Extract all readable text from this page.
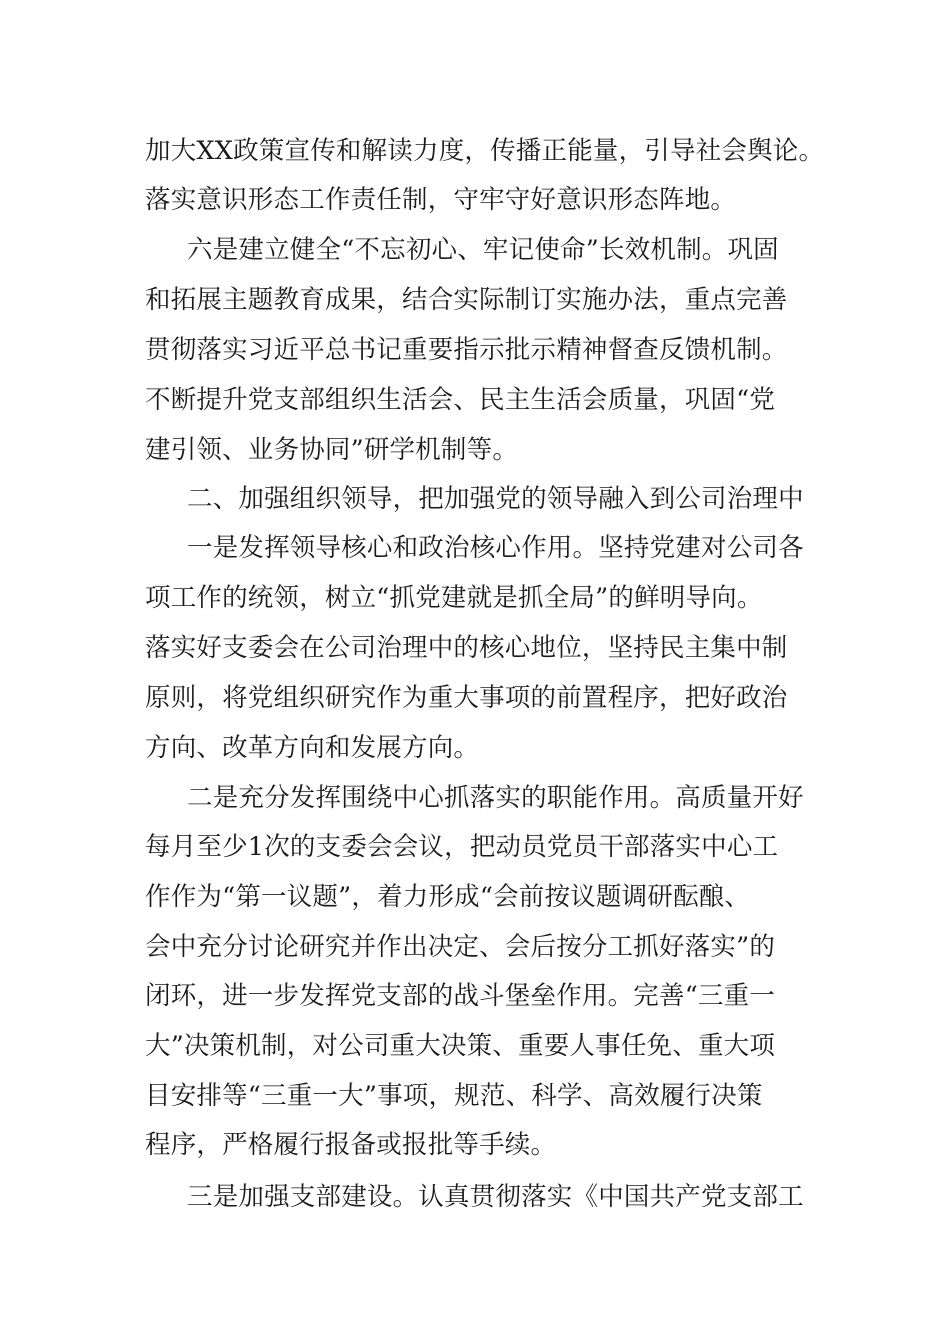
加大XX政策宣传和解读力度，传播正能量，引导社会舆论。
落实意识形态工作责任制，守牢守好意识形态阵地。
六是建立健全“不忘初心、牢记使命”长效机制。巩固
和拓展主题教育成果，结合实际制订实施办法，重点完善
贯彻落实习近平总书记重要指示批示精神督查反馈机制。
不断提升党支部组织生活会、民主生活会质量，巩固“党
建引领、业务协同”研学机制等。
二、加强组织领导，把加强党的领导融入到公司治理中
一是发挥领导核心和政治核心作用。坚持党建对公司各
项工作的统领，树立“抓党建就是抓全局”的鲜明导向。
落实好支委会在公司治理中的核心地位，坚持民主集中制
原则，将党组织研究作为重大事项的前置程序，把好政治
方向、改革方向和发展方向。
二是充分发挥围绕中心抓落实的职能作用。高质量开好
每月至少1次的支委会会议，把动员党员干部落实中心工
作作为“第一议题”，着力形成“会前按议题调研酝酿、
会中充分讨论研究并作出决定、会后按分工抓好落实”的
闭环，进一步发挥党支部的战斗堡垒作用。完善“三重一
大”决策机制，对公司重大决策、重要人事任免、重大项
目安排等“三重一大”事项，规范、科学、高效履行决策
程序，严格履行报备或报批等手续。
三是加强支部建设。认真贯彻落实《中国共产党支部工
